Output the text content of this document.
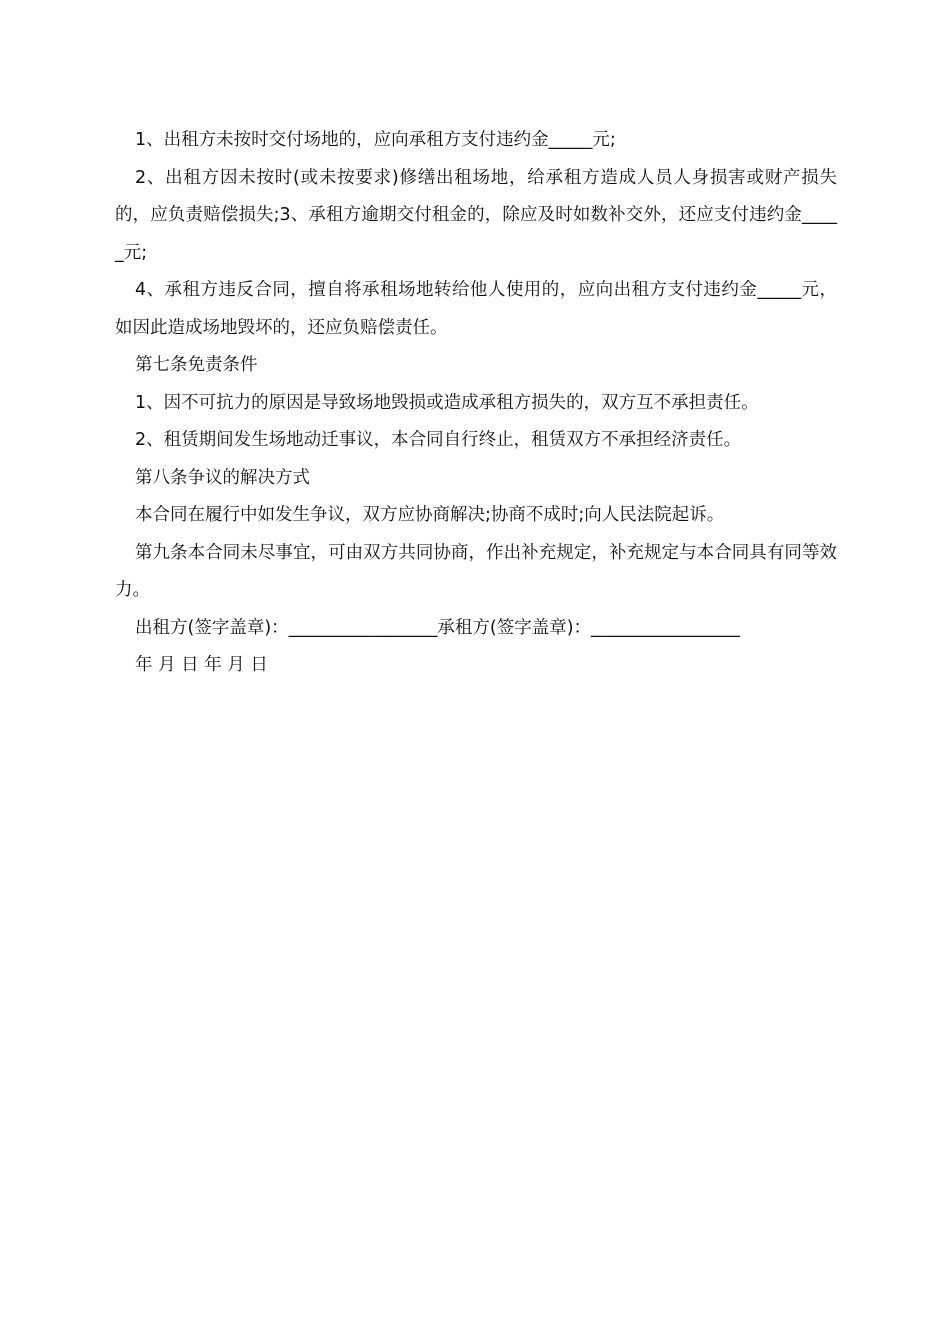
1、出租方未按时交付场地的，应向承租方支付违约金_____元;

2、出租方因未按时(或未按要求)修缮出租场地，给承租方造成人员人身损害或财产损失的，应负责赔偿损失;3、承租方逾期交付租金的，除应及时如数补交外，还应支付违约金_____元;

4、承租方违反合同，擅自将承租场地转给他人使用的，应向出租方支付违约金_____元，如因此造成场地毁坏的，还应负赔偿责任。

第七条免责条件

1、因不可抗力的原因是导致场地毁损或造成承租方损失的，双方互不承担责任。

2、租赁期间发生场地动迁事议，本合同自行终止，租赁双方不承担经济责任。

第八条争议的解决方式

本合同在履行中如发生争议，双方应协商解决;协商不成时;向人民法院起诉。

第九条本合同未尽事宜，可由双方共同协商，作出补充规定，补充规定与本合同具有同等效力。

出租方(签字盖章)：_________________承租方(签字盖章)：_________________

年 月 日 年 月 日
